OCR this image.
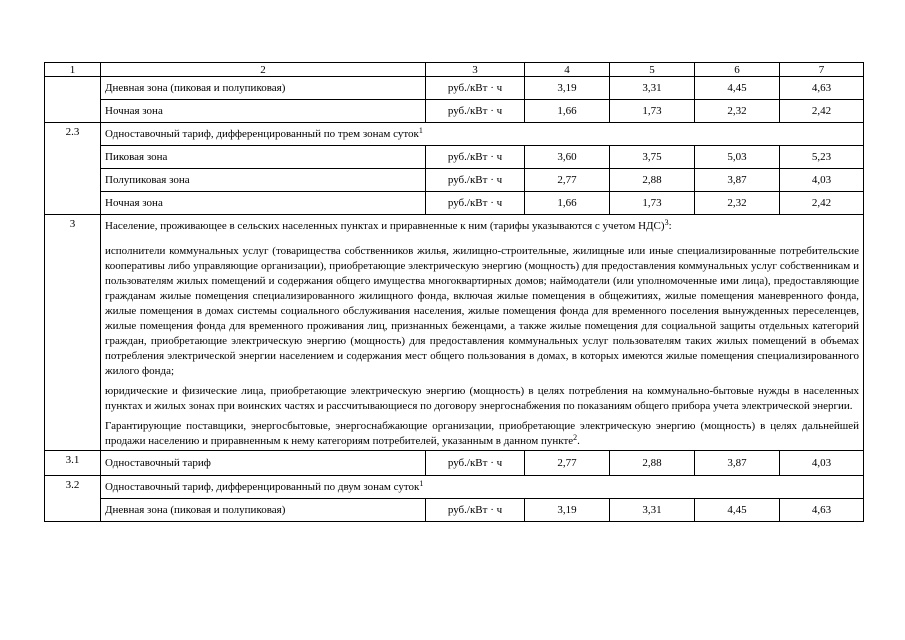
1	2	3	4	5	6	7
	Дневная зона (пиковая и полупиковая)	руб./кВт · ч	3,19	3,31	4,45	4,63
	Ночная зона	руб./кВт · ч	1,66	1,73	2,32	2,42
2.3	Одноставочный тариф, дифференцированный по трем зонам суток$^1$
	Пиковая зона	руб./кВт · ч	3,60	3,75	5,03	5,23
	Полупиковая зона	руб./кВт · ч	2,77	2,88	3,87	4,03
	Ночная зона	руб./кВт · ч	1,66	1,73	2,32	2,42
3	Население, проживающее в сельских населенных пунктах и приравненные к ним (тарифы указываются с учетом НДС)$^3$:

исполнители коммунальных услуг (товарищества собственников жилья, жилищно-строительные, жилищные или иные специализированные потребительские кооперативы либо управляющие организации), приобретающие электрическую энергию (мощность) для предоставления коммунальных услуг собственникам и пользователям жилых помещений и содержания общего имущества многоквартирных домов; наймодатели (или уполномоченные ими лица), предоставляющие гражданам жилые помещения специализированного жилищного фонда, включая жилые помещения в общежитиях, жилые помещения маневренного фонда, жилые помещения в домах системы социального обслуживания населения, жилые помещения фонда для временного поселения вынужденных переселенцев, жилые помещения фонда для временного проживания лиц, признанных беженцами, а также жилые помещения для социальной защиты отдельных категорий граждан, приобретающие электрическую энергию (мощность) для предоставления коммунальных услуг пользователям таких жилых помещений в объемах потребления электрической энергии населением и содержания мест общего пользования в домах, в которых имеются жилые помещения специализированного жилого фонда;

юридические и физические лица, приобретающие электрическую энергию (мощность) в целях потребления на коммунально-бытовые нужды в населенных пунктах и жилых зонах при воинских частях и рассчитывающиеся по договору энергоснабжения по показаниям общего прибора учета электрической энергии.

Гарантирующие поставщики, энергосбытовые, энергоснабжающие организации, приобретающие электрическую энергию (мощность) в целях дальнейшей продажи населению и приравненным к нему категориям потребителей, указанным в данном пункте$^2$.					

3.1	Одноставочный тариф	руб./кВт · ч	2,77	2,88	3,87	4,03
3.2	Одноставочный тариф, дифференцированный по двум зонам суток$^1$
	Дневная зона (пиковая и полупиковая)	руб./кВт · ч	3,19	3,31	4,45	4,63
